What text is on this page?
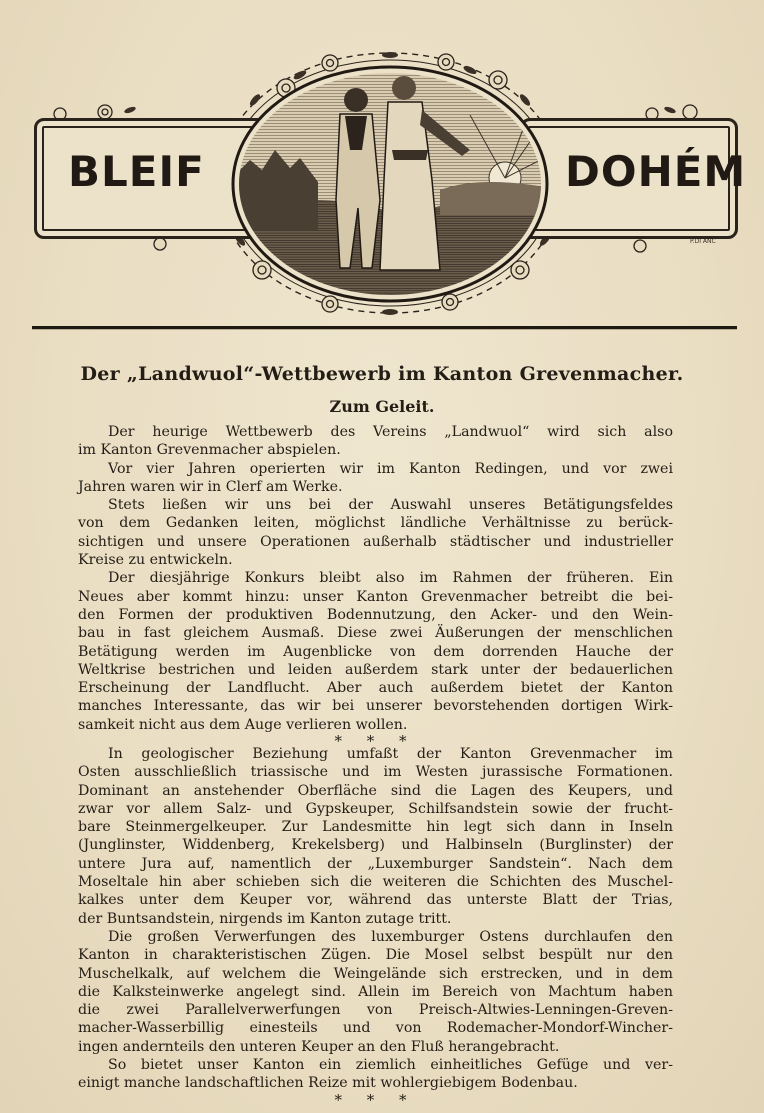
BLEIF	DOHÉM
P.DI ANC
Der „Landwuol“-Wettbewerb im Kanton Grevenmacher.
Zum Geleit.
Der heurige Wettbewerb des Vereins „Landwuol“ wird sich also
im Kanton Grevenmacher abspielen.
Vor vier Jahren operierten wir im Kanton Redingen, und vor zwei
Jahren waren wir in Clerf am Werke.
Stets ließen wir uns bei der Auswahl unseres Betätigungsfeldes
von dem Gedanken leiten, möglichst ländliche Verhältnisse zu berück-
sichtigen und unsere Operationen außerhalb städtischer und industrieller
Kreise zu entwickeln.
Der diesjährige Konkurs bleibt also im Rahmen der früheren. Ein
Neues aber kommt hinzu: unser Kanton Grevenmacher betreibt die bei-
den Formen der produktiven Bodennutzung, den Acker- und den Wein-
bau in fast gleichem Ausmaß. Diese zwei Äußerungen der menschlichen
Betätigung werden im Augenblicke von dem dorrenden Hauche der
Weltkrise bestrichen und leiden außerdem stark unter der bedauerlichen
Erscheinung der Landflucht. Aber auch außerdem bietet der Kanton
manches Interessante, das wir bei unserer bevorstehenden dortigen Wirk-
samkeit nicht aus dem Auge verlieren wollen.
* * *
In geologischer Beziehung umfaßt der Kanton Grevenmacher im
Osten ausschließlich triassische und im Westen jurassische Formationen.
Dominant an anstehender Oberfläche sind die Lagen des Keupers, und
zwar vor allem Salz- und Gypskeuper, Schilfsandstein sowie der frucht-
bare Steinmergelkeuper. Zur Landesmitte hin legt sich dann in Inseln
(Junglinster, Widdenberg, Krekelsberg) und Halbinseln (Burglinster) der
untere Jura auf, namentlich der „Luxemburger Sandstein“. Nach dem
Moseltale hin aber schieben sich die weiteren die Schichten des Muschel-
kalkes unter dem Keuper vor, während das unterste Blatt der Trias,
der Buntsandstein, nirgends im Kanton zutage tritt.
Die großen Verwerfungen des luxemburger Ostens durchlaufen den
Kanton in charakteristischen Zügen. Die Mosel selbst bespült nur den
Muschelkalk, auf welchem die Weingelände sich erstrecken, und in dem
die Kalksteinwerke angelegt sind. Allein im Bereich von Machtum haben
die zwei Parallelverwerfungen von Preisch-Altwies-Lenningen-Greven-
macher-Wasserbillig einesteils und von Rodemacher-Mondorf-Wincher-
ingen andernteils den unteren Keuper an den Fluß herangebracht.
So bietet unser Kanton ein ziemlich einheitliches Gefüge und ver-
einigt manche landschaftlichen Reize mit wohlergiebigem Bodenbau.
* * *
